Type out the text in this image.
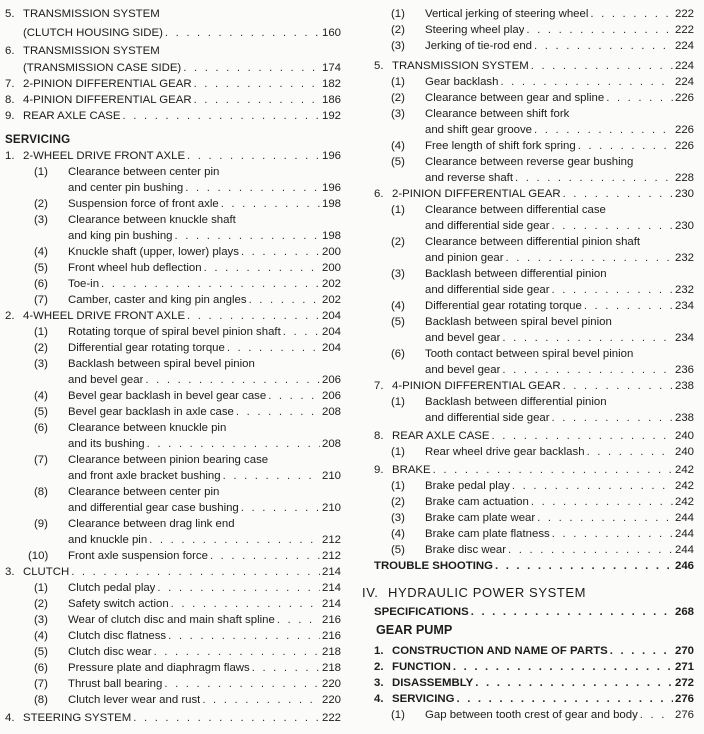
5. TRANSMISSION SYSTEM
(CLUTCH HOUSING SIDE) . . .	160
6. TRANSMISSION SYSTEM
(TRANSMISSION CASE SIDE) . . .	174
7. 2-PINION DIFFERENTIAL GEAR . . .	182
8. 4-PINION DIFFERENTIAL GEAR . . .	186
9. REAR AXLE CASE . . .	192
SERVICING
1. 2-WHEEL DRIVE FRONT AXLE . . .	196
(1)	Clearance between center pin
and center pin bushing . . .	196
(2)	Suspension force of front axle . . .	198
(3)	Clearance between knuckle shaft
and king pin bushing . . .	198
(4)	Knuckle shaft (upper, lower) plays . . .	200
(5)	Front wheel hub deflection . . .	200
(6)	Toe-in . . .	202
(7)	Camber, caster and king pin angles . . .	202
2. 4-WHEEL DRIVE FRONT AXLE . . .	204
(1)	Rotating torque of spiral bevel pinion shaft . . .	204
(2)	Differential gear rotating torque . . .	204
(3)	Backlash between spiral bevel pinion
and bevel gear . . .	206
(4)	Bevel gear backlash in bevel gear case . . .	206
(5)	Bevel gear backlash in axle case . . .	208
(6)	Clearance between knuckle pin
and its bushing . . .	208
(7)	Clearance between pinion bearing case
and front axle bracket bushing . . .	210
(8)	Clearance between center pin
and differential gear case bushing . . .	210
(9)	Clearance between drag link end
and knuckle pin . . .	212
(10)	Front axle suspension force . . .	212
3. CLUTCH . . .	214
(1)	Clutch pedal play . . .	214
(2)	Safety switch action . . .	214
(3)	Wear of clutch disc and main shaft spline . . .	216
(4)	Clutch disc flatness . . .	216
(5)	Clutch disc wear . . .	218
(6)	Pressure plate and diaphragm flaws . . .	218
(7)	Thrust ball bearing . . .	220
(8)	Clutch lever wear and rust . . .	220
4. STEERING SYSTEM . . .	222
(1)	Vertical jerking of steering wheel . . .	222
(2)	Steering wheel play . . .	222
(3)	Jerking of tie-rod end . . .	224
5. TRANSMISSION SYSTEM . . .	224
(1)	Gear backlash . . .	224
(2)	Clearance between gear and spline . . .	226
(3)	Clearance between shift fork
and shift gear groove . . .	226
(4)	Free length of shift fork spring . . .	226
(5)	Clearance between reverse gear bushing
and reverse shaft . . .	228
6. 2-PINION DIFFERENTIAL GEAR . . .	230
(1)	Clearance between differential case
and differential side gear . . .	230
(2)	Clearance between differential pinion shaft
and pinion gear . . .	232
(3)	Backlash between differential pinion
and differential side gear . . .	232
(4)	Differential gear rotating torque . . .	234
(5)	Backlash between spiral bevel pinion
and bevel gear . . .	234
(6)	Tooth contact between spiral bevel pinion
and bevel gear . . .	236
7. 4-PINION DIFFERENTIAL GEAR . . .	238
(1)	Backlash between differential pinion
and differential side gear . . .	238
8. REAR AXLE CASE . . .	240
(1)	Rear wheel drive gear backlash . . .	240
9. BRAKE . . .	242
(1)	Brake pedal play . . .	242
(2)	Brake cam actuation . . .	242
(3)	Brake cam plate wear . . .	244
(4)	Brake cam plate flatness . . .	244
(5)	Brake disc wear . . .	244
TROUBLE SHOOTING . . .	246
IV. HYDRAULIC POWER SYSTEM
SPECIFICATIONS . . .	268
GEAR PUMP
1. CONSTRUCTION AND NAME OF PARTS . . .	270
2. FUNCTION . . .	271
3. DISASSEMBLY . . .	272
4. SERVICING . . .	276
(1)	Gap between tooth crest of gear and body . . .	276
